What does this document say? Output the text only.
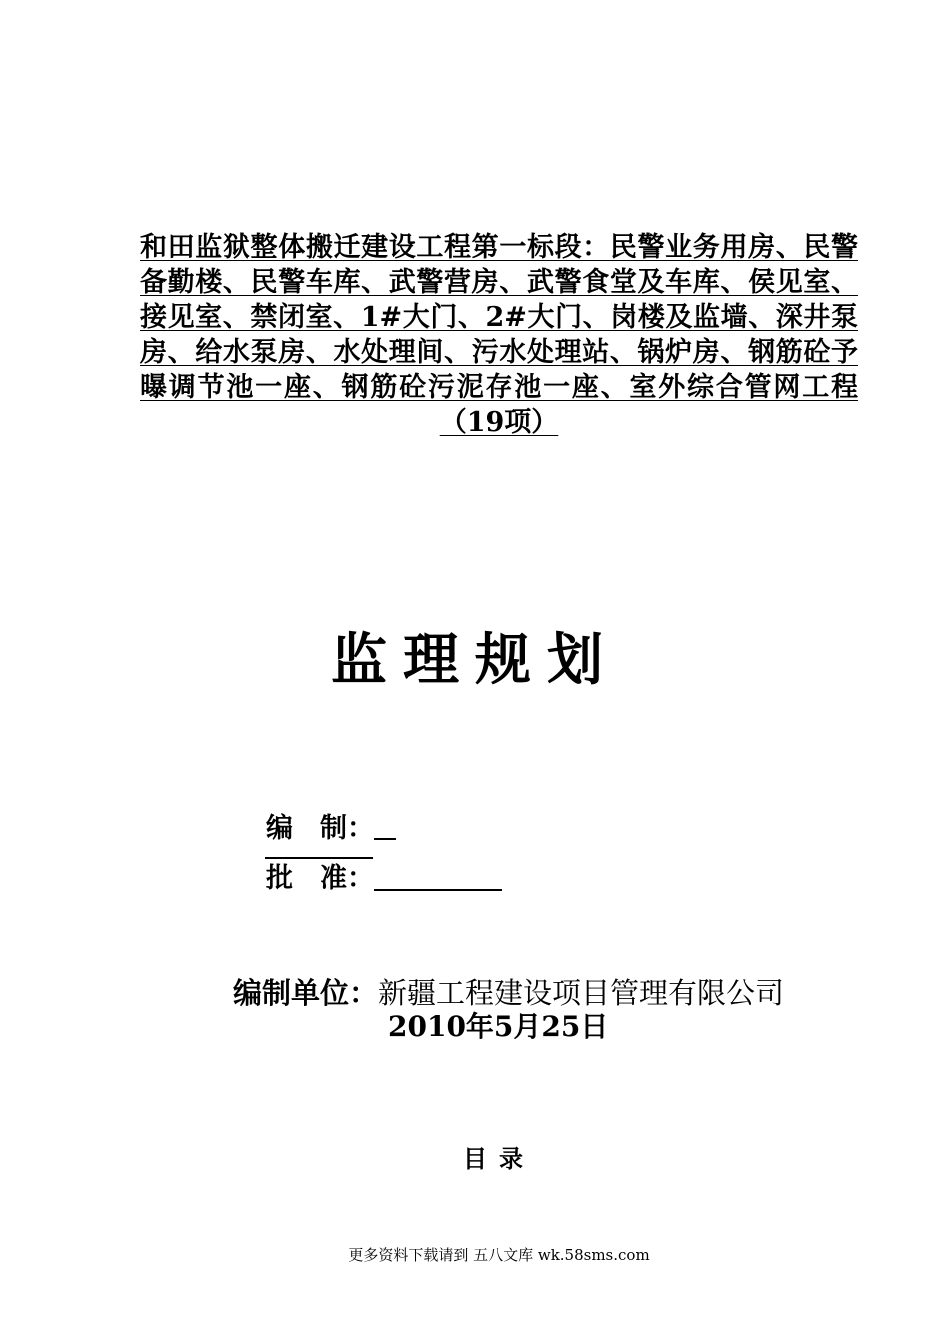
和田监狱整体搬迁建设工程第一标段：民警业务用房、民警备勤楼、民警车库、武警营房、武警食堂及车库、侯见室、接见室、禁闭室、1#大门、2#大门、岗楼及监墙、深井泵房、给水泵房、水处理间、污水处理站、锅炉房、钢筋砼予曝调节池一座、钢筋砼污泥存池一座、室外综合管网工程（19项）

监理规划
编　制：
批　准：
编制单位：新疆工程建设项目管理有限公司
2010年5月25日
目录
更多资料下载请到 五八文库 wk.58sms.com
